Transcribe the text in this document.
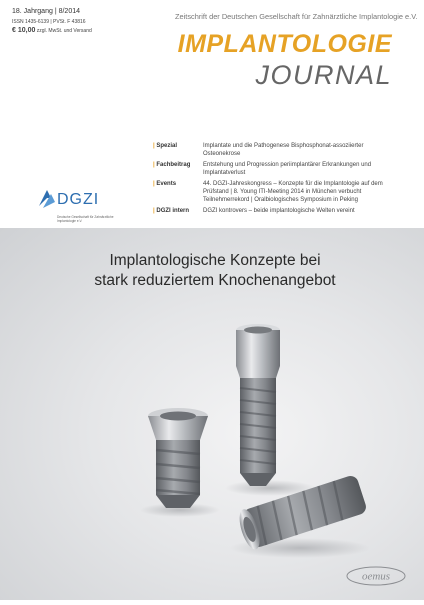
18. Jahrgang | 8/2014
ISSN 1435-6139 | PVSt. F 43816
€ 10,00 zzgl. MwSt. und Versand
Zeitschrift der Deutschen Gesellschaft für Zahnärztliche Implantologie e.V.
IMPLANTOLOGIE
JOURNAL
| Spezial	Implantate und die Pathogenese Bisphosphonat-assoziierter Osteonekrose
| Fachbeitrag	Entstehung und Progression periimplantärer Erkrankungen und Implantatverlust
| Events	44. DGZI-Jahreskongress – Konzepte für die Implantologie auf dem Prüfstand | 8. Young ITI-Meeting 2014 in München verbucht Teilnehmerrekord | Oralbiologisches Symposium in Peking
| DGZI intern	DGZI kontrovers – beide implantologische Welten vereint
DGZI
Deutsche Gesellschaft für Zahnärztliche Implantologie e.V.
Implantologische Konzepte bei
stark reduziertem Knochenangebot
oemus
